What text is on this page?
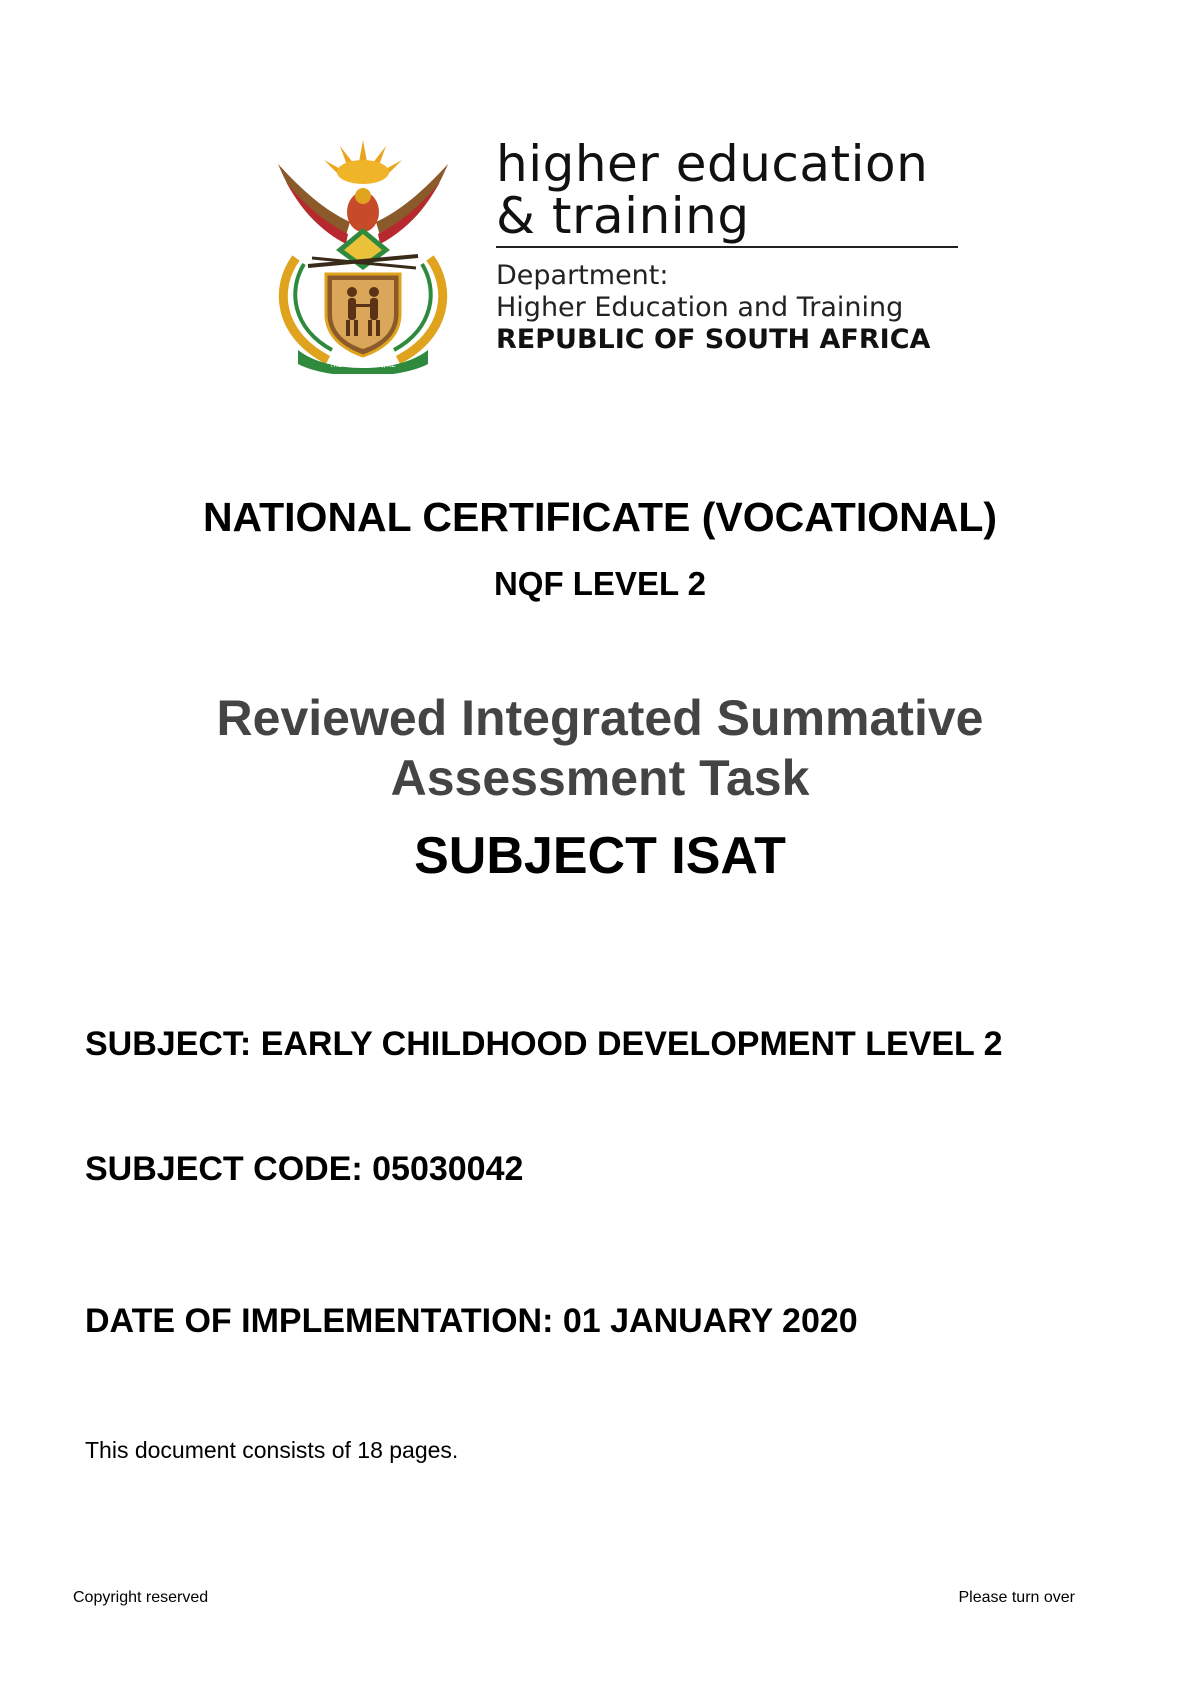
!KE E: /XARRA //KE
higher education
& training
Department:
Higher Education and Training
REPUBLIC OF SOUTH AFRICA
NATIONAL CERTIFICATE (VOCATIONAL)
NQF LEVEL 2
Reviewed Integrated Summative
Assessment Task
SUBJECT ISAT
SUBJECT: EARLY CHILDHOOD DEVELOPMENT LEVEL 2
SUBJECT CODE: 05030042
DATE OF IMPLEMENTATION: 01 JANUARY 2020
This document consists of 18 pages.
Copyright reserved	Please turn over
